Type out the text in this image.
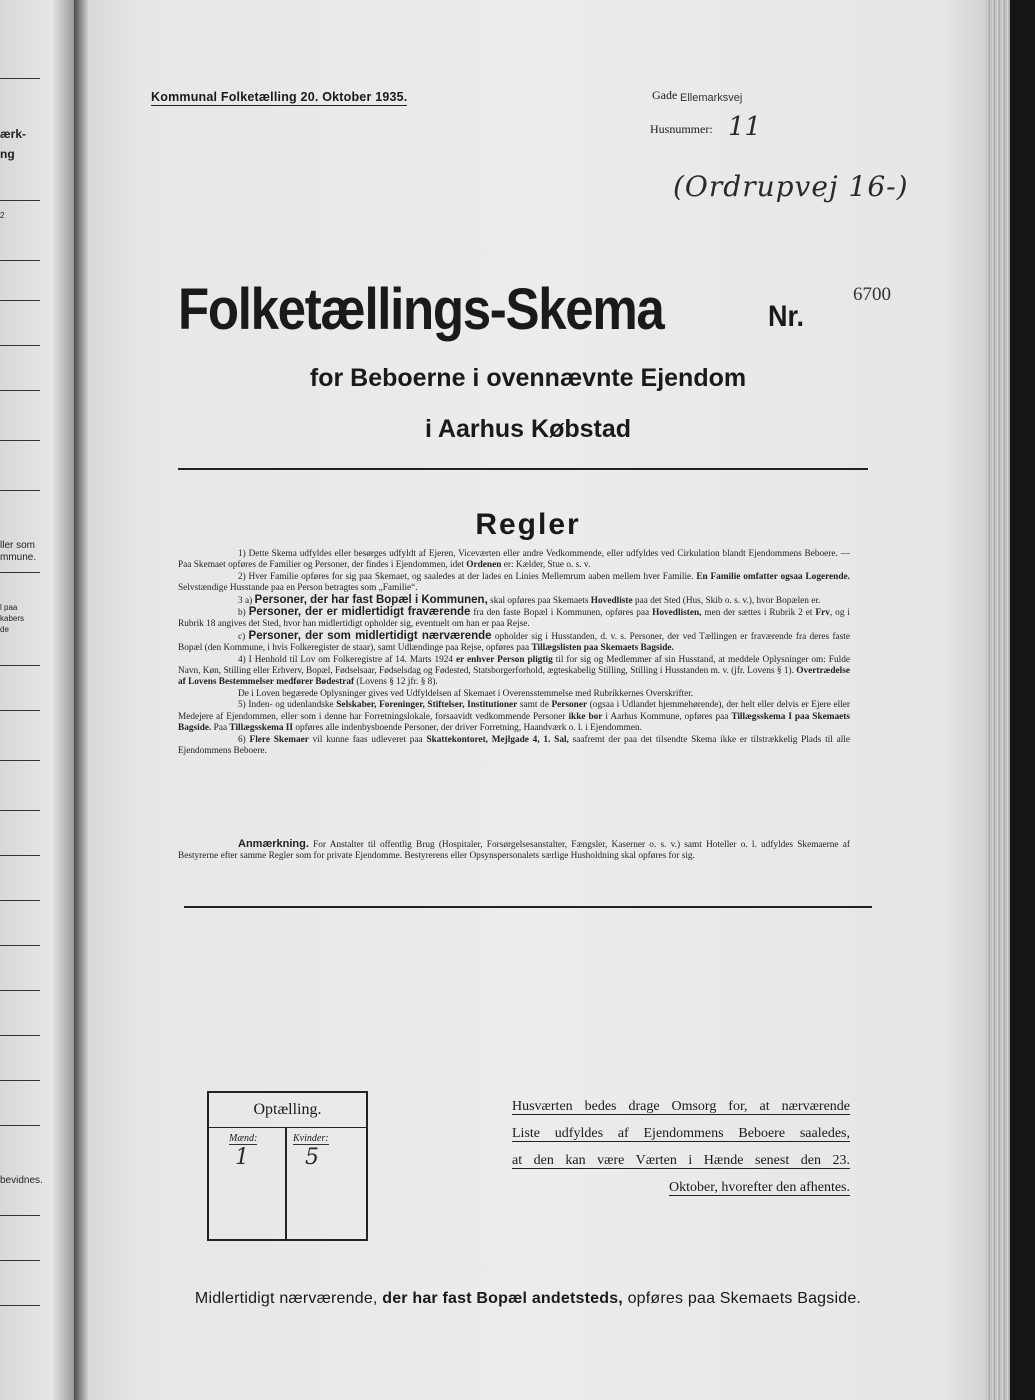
ærk-
ng
2
ller som
mmune.
l paa
kabers
de
bevidnes.
Kommunal Folketælling 20. Oktober 1935.	Gade Ellemarksvej
Husnummer: 11
(Ordrupvej 16-)
Folketællings-Skema	Nr.
6700
for Beboerne i ovennævnte Ejendom
i Aarhus Købstad
Regler

1) Dette Skema udfyldes eller besørges udfyldt af Ejeren, Viceværten eller andre Vedkommende, eller udfyldes ved Cirkulation blandt Ejendommens Beboere. — Paa Skemaet opføres de Familier og Personer, der findes i Ejendommen, idet Ordenen er: Kælder, Stue o. s. v.

2) Hver Familie opføres for sig paa Skemaet, og saaledes at der lades en Linies Mellemrum aaben mellem hver Familie. En Familie omfatter ogsaa Logerende. Selvstændige Husstande paa en Person betragtes som „Familie“.

3 a) Personer, der har fast Bopæl i Kommunen, skal opføres paa Skemaets Hovedliste paa det Sted (Hus, Skib o. s. v.), hvor Bopælen er.

b) Personer, der er midlertidigt fraværende fra den faste Bopæl i Kommunen, opføres paa Hovedlisten, men der sættes i Rubrik 2 et Frv, og i Rubrik 18 angives det Sted, hvor han midlertidigt opholder sig, eventuelt om han er paa Rejse.

c) Personer, der som midlertidigt nærværende opholder sig i Husstanden, d. v. s. Personer, der ved Tællingen er fraværende fra deres faste Bopæl (den Kommune, i hvis Folkeregister de staar), samt Udlændinge paa Rejse, opføres paa Tillægslisten paa Skemaets Bagside.

4) I Henhold til Lov om Folkeregistre af 14. Marts 1924 er enhver Person pligtig til for sig og Medlemmer af sin Husstand, at meddele Oplysninger om: Fulde Navn, Køn, Stilling eller Erhverv, Bopæl, Fødselsaar, Fødselsdag og Fødested, Statsborgerforhold, ægteskabelig Stilling, Stilling i Husstanden m. v. (jfr. Lovens § 1). Overtrædelse af Lovens Bestemmelser medfører Bødestraf (Lovens § 12 jfr. § 8).

De i Loven begærede Oplysninger gives ved Udfyldelsen af Skemaet i Overensstemmelse med Rubrikkernes Overskrifter.

5) Inden- og udenlandske Selskaber, Foreninger, Stiftelser, Institutioner samt de Personer (ogsaa i Udlandet hjemmehørende), der helt eller delvis er Ejere eller Medejere af Ejendommen, eller som i denne har Forretningslokale, forsaavidt vedkommende Personer ikke bor i Aarhus Kommune, opføres paa Tillægsskema I paa Skemaets Bagside. Paa Tillægsskema II opføres alle indenbysboende Personer, der driver Forretning, Haandværk o. l. i Ejendommen.

6) Flere Skemaer vil kunne faas udleveret paa Skattekontoret, Mejlgade 4, 1. Sal, saafremt der paa det tilsendte Skema ikke er tilstrækkelig Plads til alle Ejendommens Beboere.

Anmærkning. For Anstalter til offentlig Brug (Hospitaler, Forsørgelsesanstalter, Fængsler, Kaserner o. s. v.) samt Hoteller o. l. udfyldes Skemaerne af Bestyrerne efter samme Regler som for private Ejendomme. Bestyrerens eller Opsynspersonalets særlige Husholdning skal opføres for sig.

Optælling.
Mænd:
1
Kvinder:
5
Husværten bedes drage Omsorg for, at nærværende
Liste udfyldes af Ejendommens Beboere saaledes,
at den kan være Værten i Hænde senest den 23.
Oktober, hvorefter den afhentes.
Midlertidigt nærværende, der har fast Bopæl andetsteds, opføres paa Skemaets Bagside.
